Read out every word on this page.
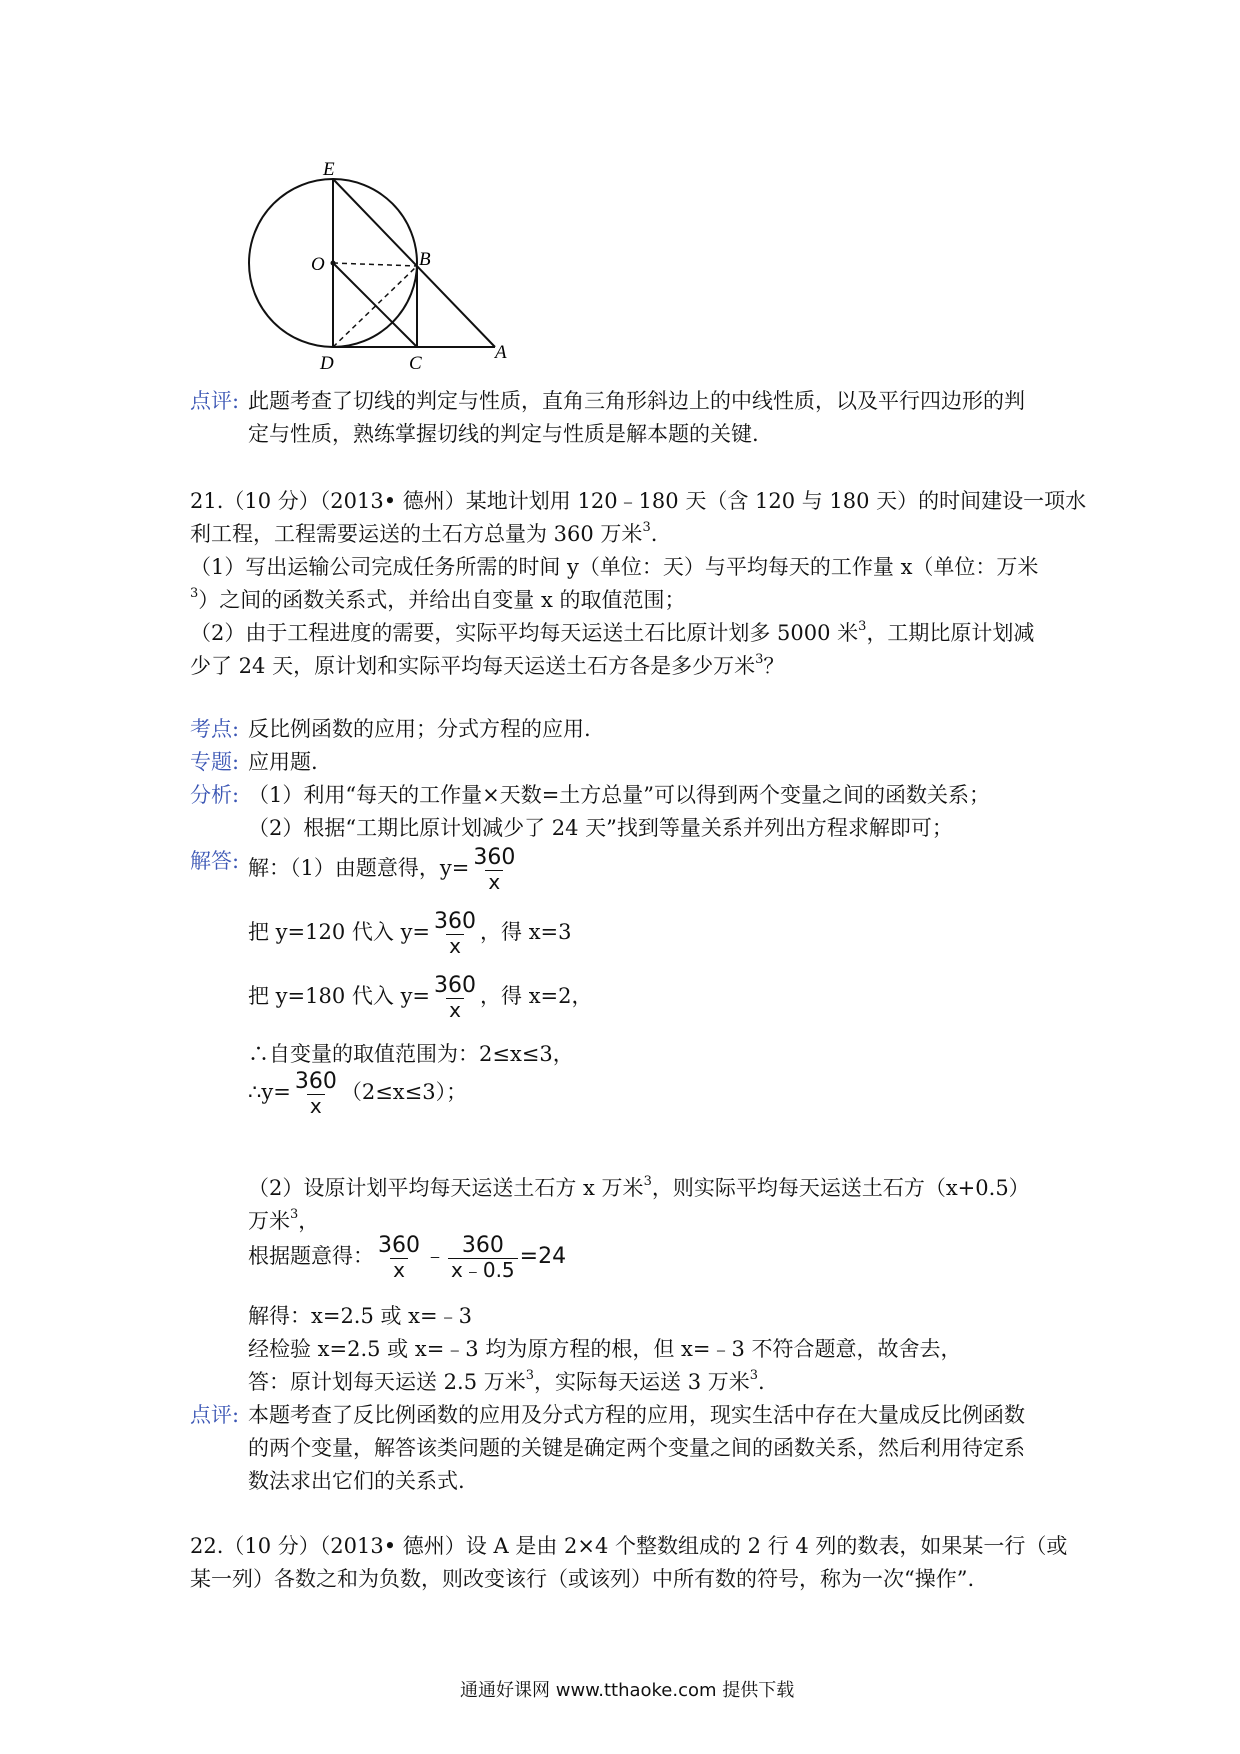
E
O	B
D	C
A
点评: 此题考查了切线的判定与性质，直角三角形斜边上的中线性质，以及平行四边形的判
定与性质，熟练掌握切线的判定与性质是解本题的关键.
21.（10 分）（2013• 德州）某地计划用 120﹣180 天（含 120 与 180 天）的时间建设一项水
利工程，工程需要运送的土石方总量为 360 万米$^3$.
（1）写出运输公司完成任务所需的时间 y（单位：天）与平均每天的工作量 x（单位：万米
$^3$）之间的函数关系式，并给出自变量 x 的取值范围；
（2）由于工程进度的需要，实际平均每天运送土石比原计划多 5000 米$^3$，工期比原计划减
少了 24 天，原计划和实际平均每天运送土石方各是多少万米$^3$？
考点: 反比例函数的应用；分式方程的应用.
专题: 应用题.
分析: （1）利用“每天的工作量×天数=土方总量”可以得到两个变量之间的函数关系；
（2）根据“工期比原计划减少了 24 天”找到等量关系并列出方程求解即可；
解答: 解：（1）由题意得，$y= \frac{360}{x}$
把 y=120 代入 $y= \frac{360}{x}$ ，得 x=3
把 y=180 代入 $y= \frac{360}{x}$ ，得 x=2，
∴自变量的取值范围为：2≤x≤3，
∴y= $\frac{360}{x} (2\le x\le 3)$；
（2）设原计划平均每天运送土石方 x 万米$^3$，则实际平均每天运送土石方（x+0.5）
万米$^3$，
根据题意得： $\frac{360}{x}$ ﹣ $\frac{360}{x﹣0.5} =24$
解得：x=2.5 或 x=﹣3
经检验 x=2.5 或 x=﹣3 均为原方程的根，但 x=﹣3 不符合题意，故舍去，
答：原计划每天运送 2.5 万米$^3$，实际每天运送 3 万米$^3$.
点评: 本题考查了反比例函数的应用及分式方程的应用，现实生活中存在大量成反比例函数
的两个变量，解答该类问题的关键是确定两个变量之间的函数关系，然后利用待定系
数法求出它们的关系式.
22.（10 分）（2013• 德州）设 A 是由 2×4 个整数组成的 2 行 4 列的数表，如果某一行（或
某一列）各数之和为负数，则改变该行（或该列）中所有数的符号，称为一次“操作”.
通通好课网 www.tthaoke.com 提供下载
